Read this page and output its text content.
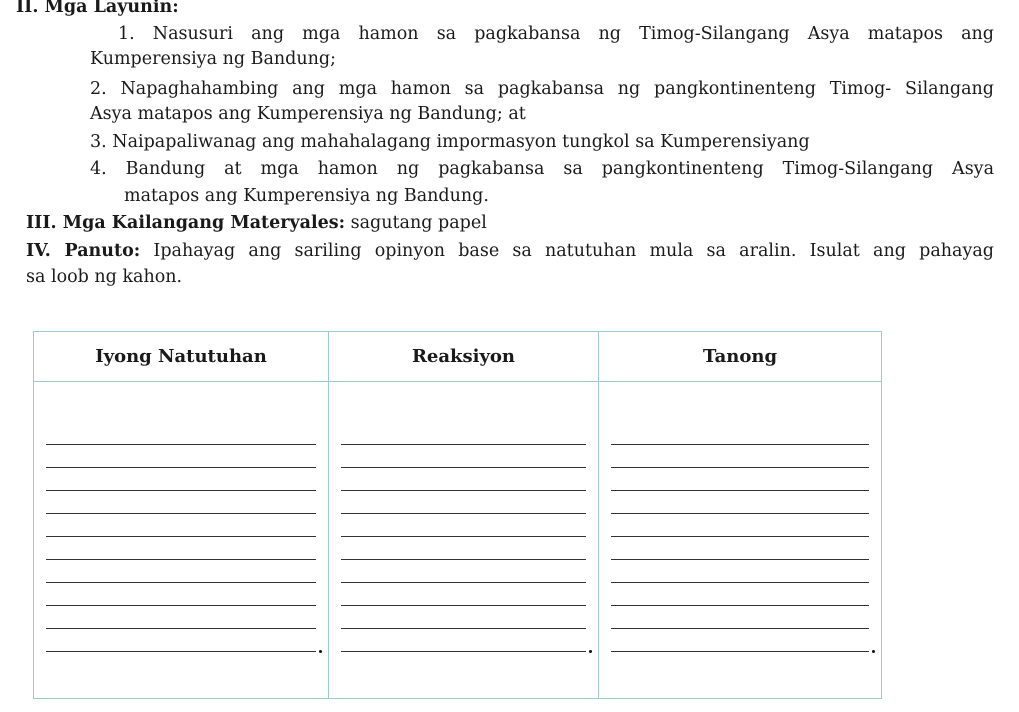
II. Mga Layunin:
1. Nasusuri ang mga hamon sa pagkabansa ng Timog-Silangang Asya matapos ang
Kumperensiya ng Bandung;
2. Napaghahambing ang mga hamon sa pagkabansa ng pangkontinenteng Timog- Silangang
Asya matapos ang Kumperensiya ng Bandung; at
3. Naipapaliwanag ang mahahalagang impormasyon tungkol sa Kumperensiyang
4. Bandung at mga hamon ng pagkabansa sa pangkontinenteng Timog-Silangang Asya
matapos ang Kumperensiya ng Bandung.
III. Mga Kailangang Materyales: sagutang papel
IV. Panuto: Ipahayag ang sariling opinyon base sa natutuhan mula sa aralin. Isulat ang pahayag
sa loob ng kahon.
Iyong Natutuhan	Reaksiyon	Tanong
